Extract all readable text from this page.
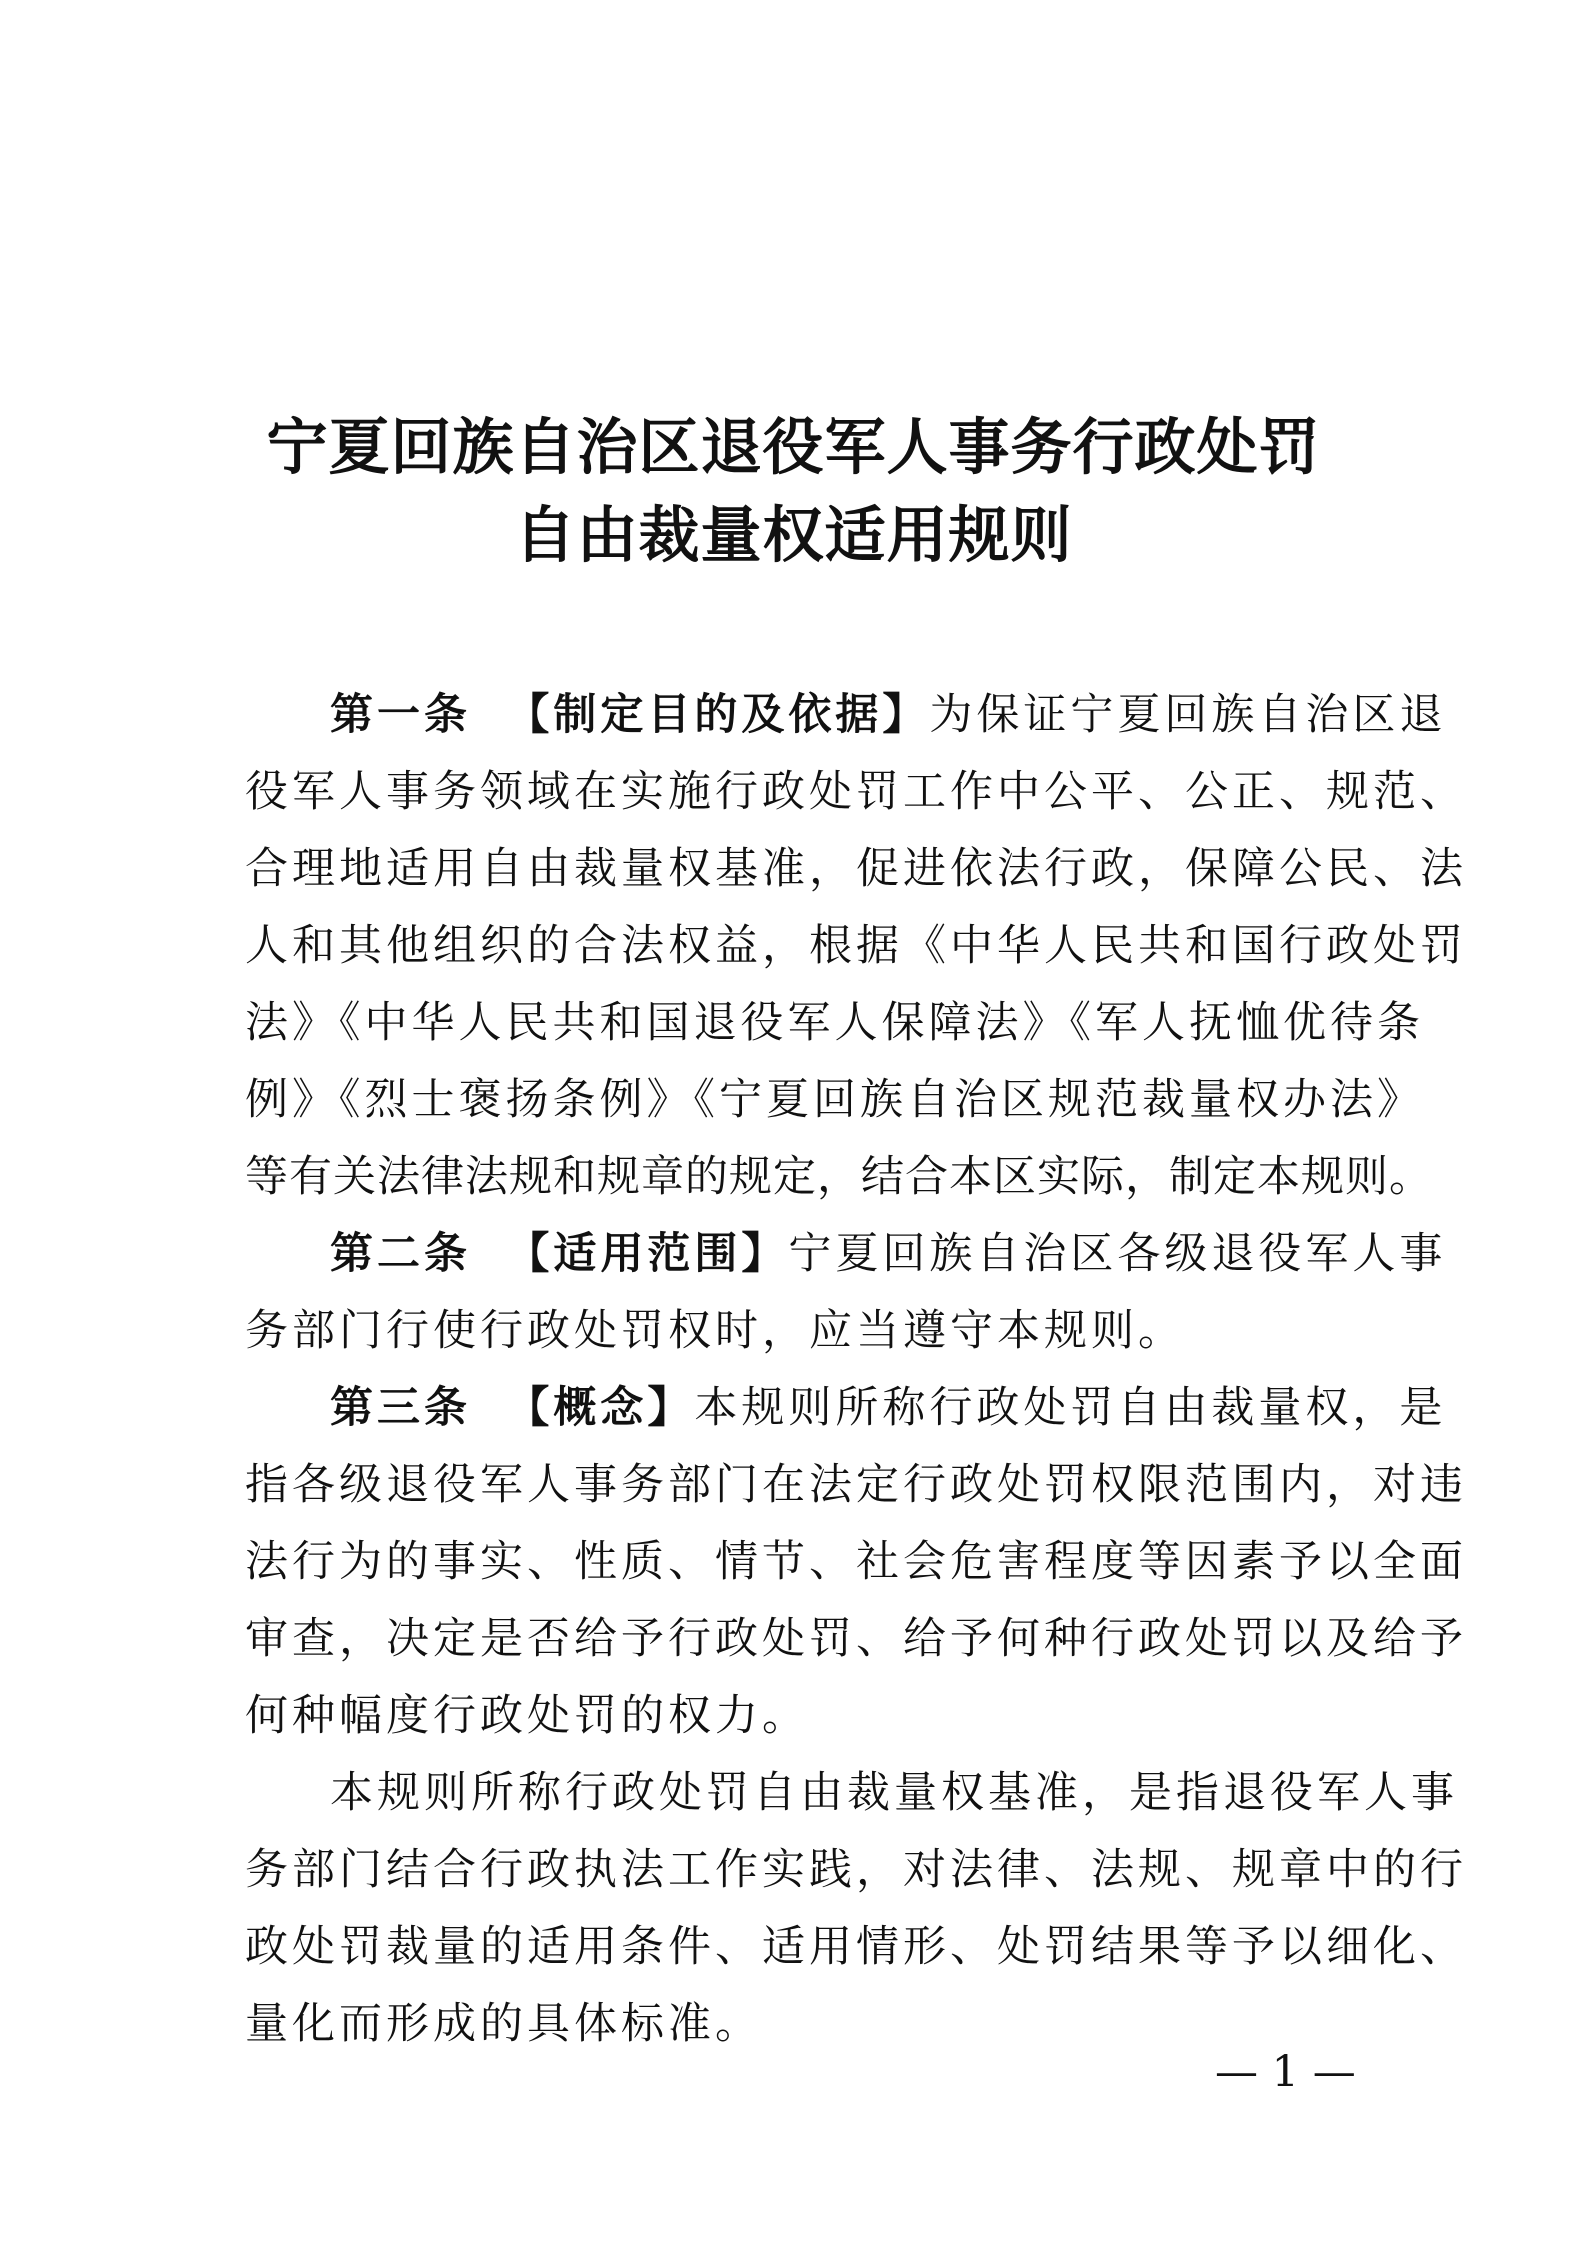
宁夏回族自治区退役军人事务行政处罚
自由裁量权适用规则
第一条 【制定目的及依据】为保证宁夏回族自治区退
役军人事务领域在实施行政处罚工作中公平、公正、规范、
合理地适用自由裁量权基准，促进依法行政，保障公民、法
人和其他组织的合法权益，根据《中华人民共和国行政处罚
法》《中华人民共和国退役军人保障法》《军人抚恤优待条
例》《烈士褒扬条例》《宁夏回族自治区规范裁量权办法》
等有关法律法规和规章的规定，结合本区实际，制定本规则。
第二条 【适用范围】宁夏回族自治区各级退役军人事
务部门行使行政处罚权时，应当遵守本规则。
第三条 【概念】本规则所称行政处罚自由裁量权，是
指各级退役军人事务部门在法定行政处罚权限范围内，对违
法行为的事实、性质、情节、社会危害程度等因素予以全面
审查，决定是否给予行政处罚、给予何种行政处罚以及给予
何种幅度行政处罚的权力。
本规则所称行政处罚自由裁量权基准，是指退役军人事
务部门结合行政执法工作实践，对法律、法规、规章中的行
政处罚裁量的适用条件、适用情形、处罚结果等予以细化、
量化而形成的具体标准。
— 1 —
